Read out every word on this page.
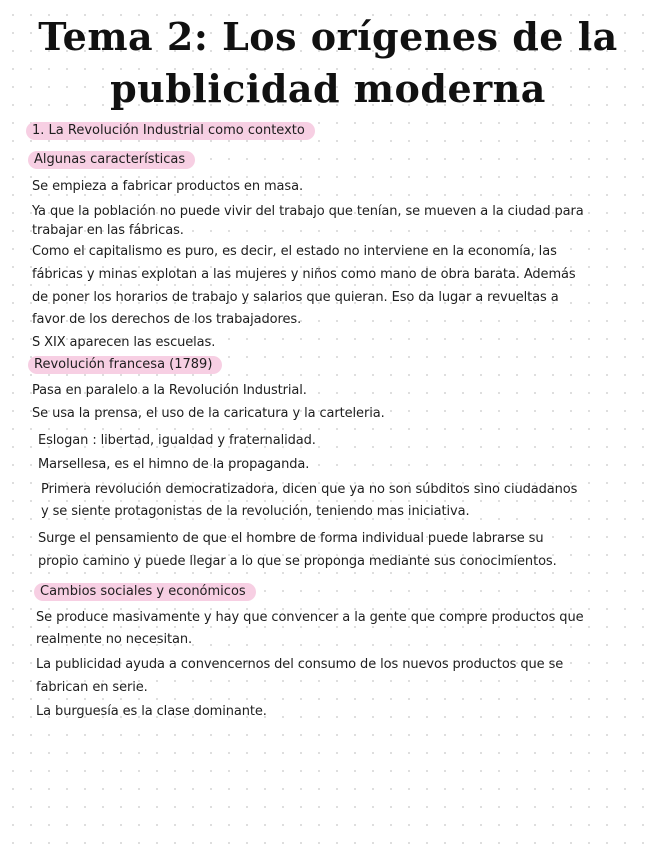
Tema 2: Los orígenes de la
publicidad moderna
1. La Revolución Industrial como contexto
Algunas características
Se empieza a fabricar productos en masa.
Ya que la población no puede vivir del trabajo que tenían, se mueven a la ciudad para
trabajar en las fábricas.
Como el capitalismo es puro, es decir, el estado no interviene en la economía, las
fábricas y minas explotan a las mujeres y niños como mano de obra barata. Además
de poner los horarios de trabajo y salarios que quieran. Eso da lugar a revueltas a
favor de los derechos de los trabajadores.
S XIX aparecen las escuelas.
Revolución francesa (1789)
Pasa en paralelo a la Revolución Industrial.
Se usa la prensa, el uso de la caricatura y la carteleria.
Eslogan : libertad, igualdad y fraternalidad.
Marsellesa, es el himno de la propaganda.
Primera revolución democratizadora, dicen que ya no son súbditos sino ciudadanos
y se siente protagonistas de la revolución, teniendo mas iniciativa.
Surge el pensamiento de que el hombre de forma individual puede labrarse su
propio camino y puede llegar a lo que se proponga mediante sus conocimientos.
Cambios sociales y económicos
Se produce masivamente y hay que convencer a la gente que compre productos que
realmente no necesitan.
La publicidad ayuda a convencernos del consumo de los nuevos productos que se
fabrican en serie.
La burguesía es la clase dominante.
